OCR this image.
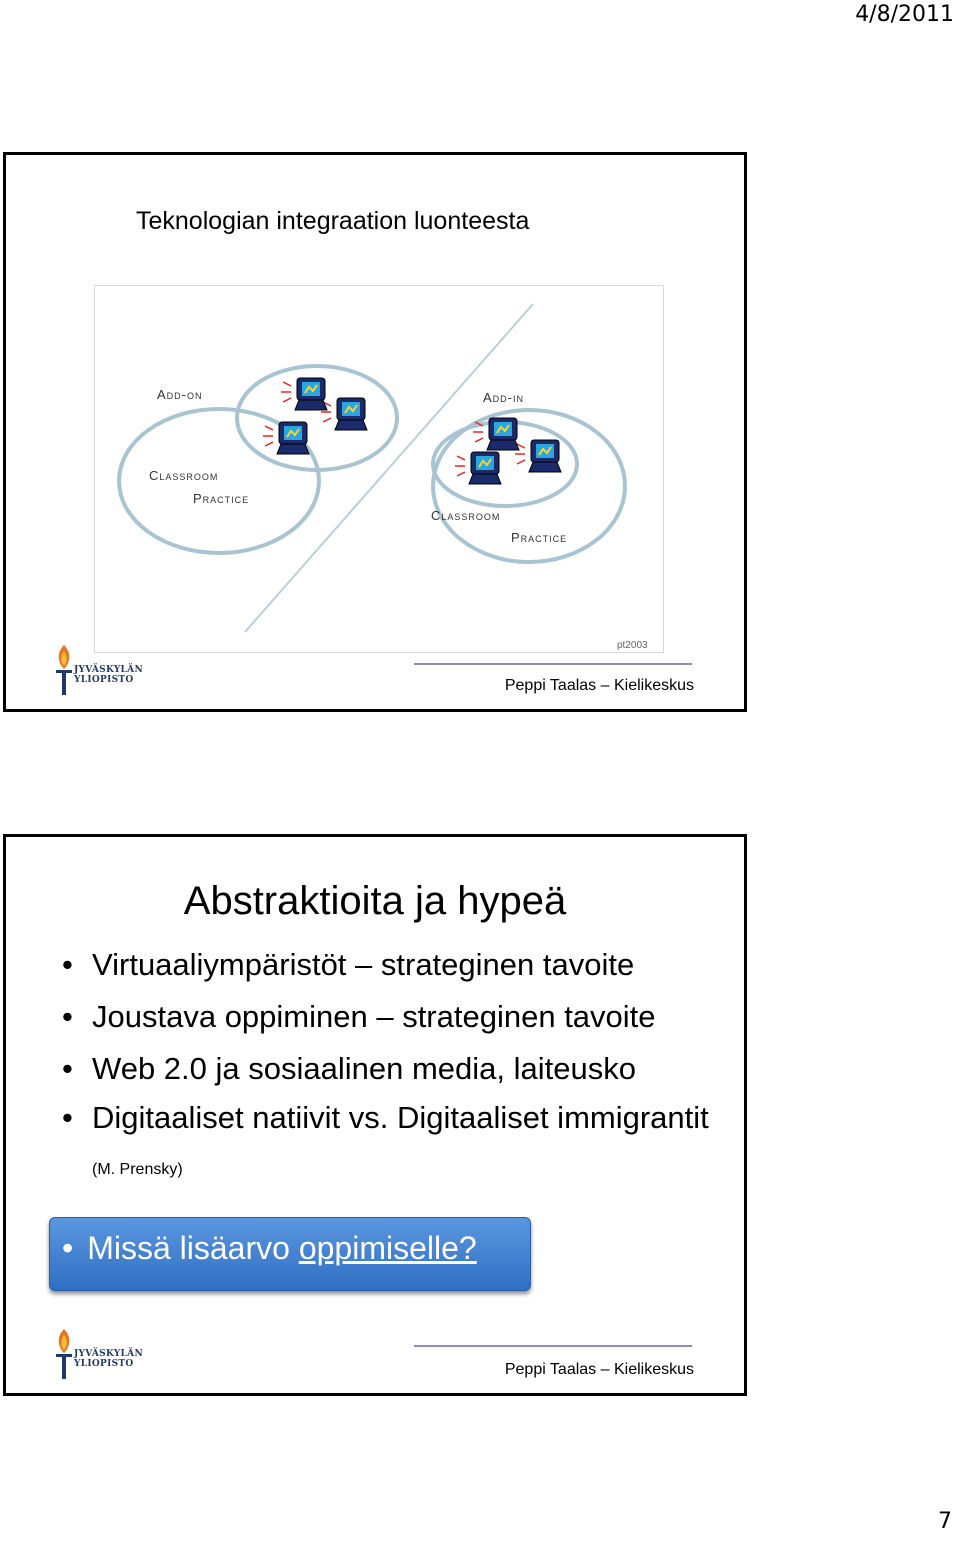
4/8/2011
Teknologian integraation luonteesta
Add-on	Add-in
Classroom
Practice
Classroom
Practice
pt2003
JYVÄSKYLÄN YLIOPISTO	Peppi Taalas – Kielikeskus
Abstraktioita ja hypeä
• Virtuaaliympäristöt – strateginen tavoite
• Joustava oppiminen – strateginen tavoite
• Web 2.0 ja sosiaalinen media, laiteusko
• Digitaaliset natiivit vs. Digitaaliset immigrantit (M. Prensky)
• Missä lisäarvo oppimiselle?
JYVÄSKYLÄN YLIOPISTO	Peppi Taalas – Kielikeskus
7
